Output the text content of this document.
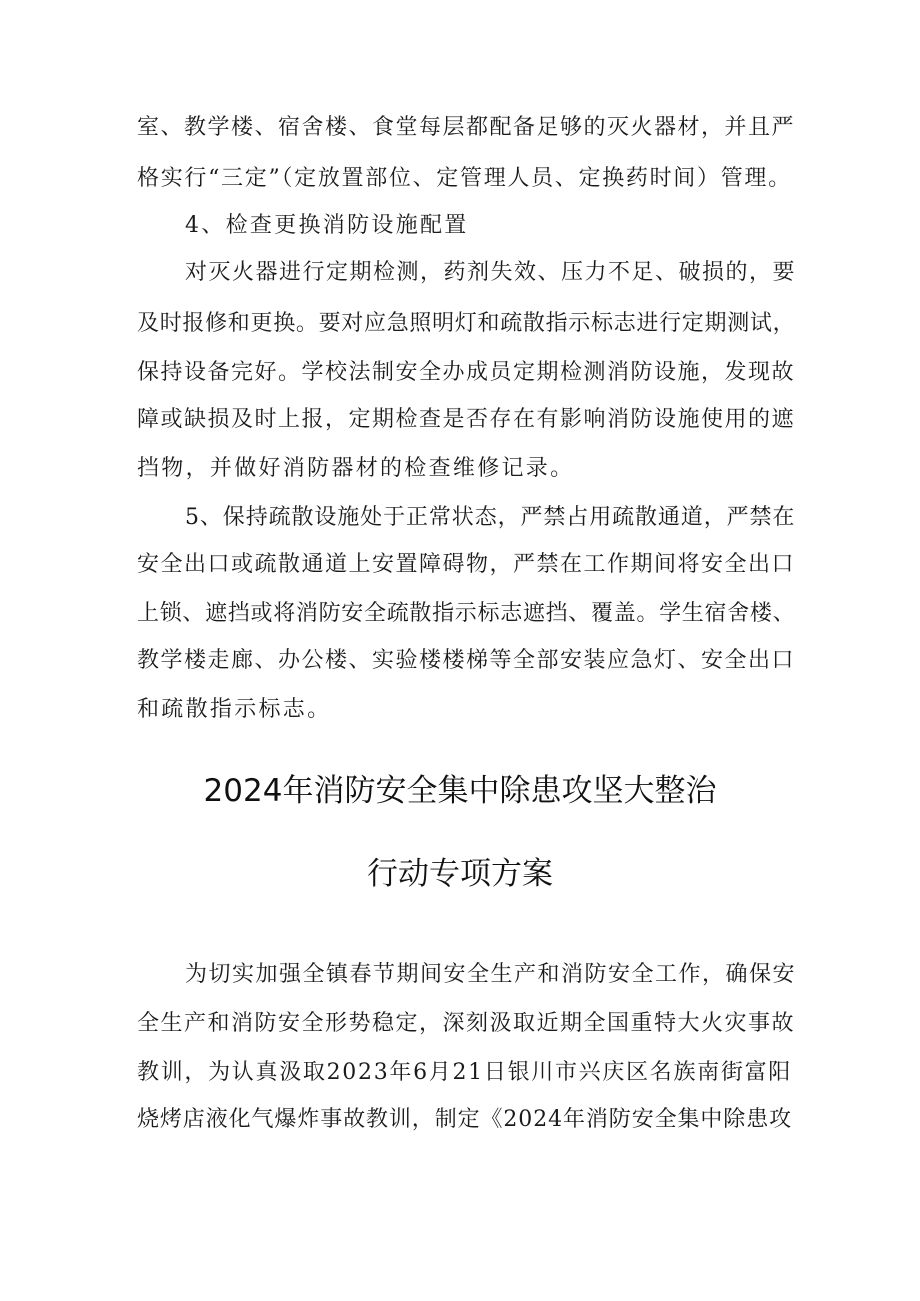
室、教学楼、宿舍楼、食堂每层都配备足够的灭火器材，并且严
格实行“三定”（定放置部位、定管理人员、定换药时间）管理。
4、检查更换消防设施配置
对灭火器进行定期检测，药剂失效、压力不足、破损的，要
及时报修和更换。要对应急照明灯和疏散指示标志进行定期测试，
保持设备完好。学校法制安全办成员定期检测消防设施，发现故
障或缺损及时上报，定期检查是否存在有影响消防设施使用的遮
挡物，并做好消防器材的检查维修记录。
5、保持疏散设施处于正常状态，严禁占用疏散通道，严禁在
安全出口或疏散通道上安置障碍物，严禁在工作期间将安全出口
上锁、遮挡或将消防安全疏散指示标志遮挡、覆盖。学生宿舍楼、
教学楼走廊、办公楼、实验楼楼梯等全部安装应急灯、安全出口
和疏散指示标志。
2024年消防安全集中除患攻坚大整治
行动专项方案
为切实加强全镇春节期间安全生产和消防安全工作，确保安
全生产和消防安全形势稳定，深刻汲取近期全国重特大火灾事故
教训，为认真汲取2023年6月21日银川市兴庆区名族南街富阳
烧烤店液化气爆炸事故教训，制定《2024年消防安全集中除患攻
